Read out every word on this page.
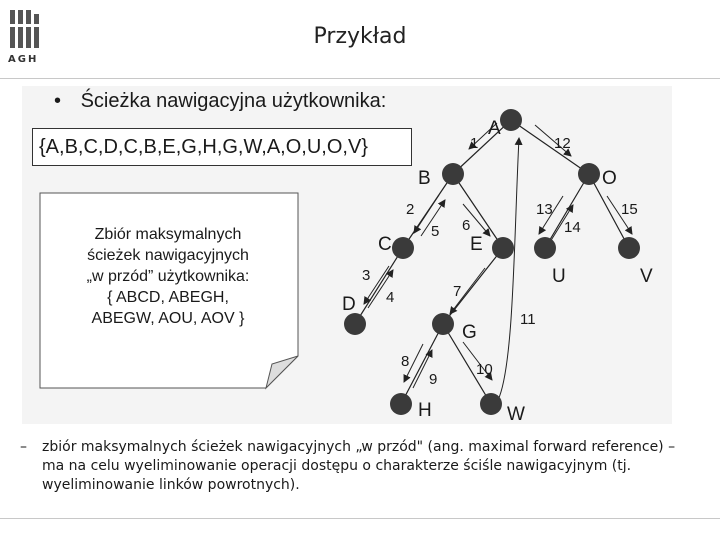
AGH
Przykład
A
B	O
C	E
U	V
D
G
H	W
1	12
2
5 6
13
14
15
3
4	7
11
8
9
10
• Ścieżka nawigacyjna użytkownika:
{A,B,C,D,C,B,E,G,H,G,W,A,O,U,O,V}
Zbiór maksymalnych
ścieżek nawigacyjnych
„w przód” użytkownika:
{ ABCD, ABEGH,
ABEGW, AOU, AOV }
– zbiór maksymalnych ścieżek nawigacyjnych „w przód" (ang. maximal forward reference) – ma na celu wyeliminowanie operacji dostępu o charakterze ściśle nawigacyjnym (tj. wyeliminowanie linków powrotnych).
